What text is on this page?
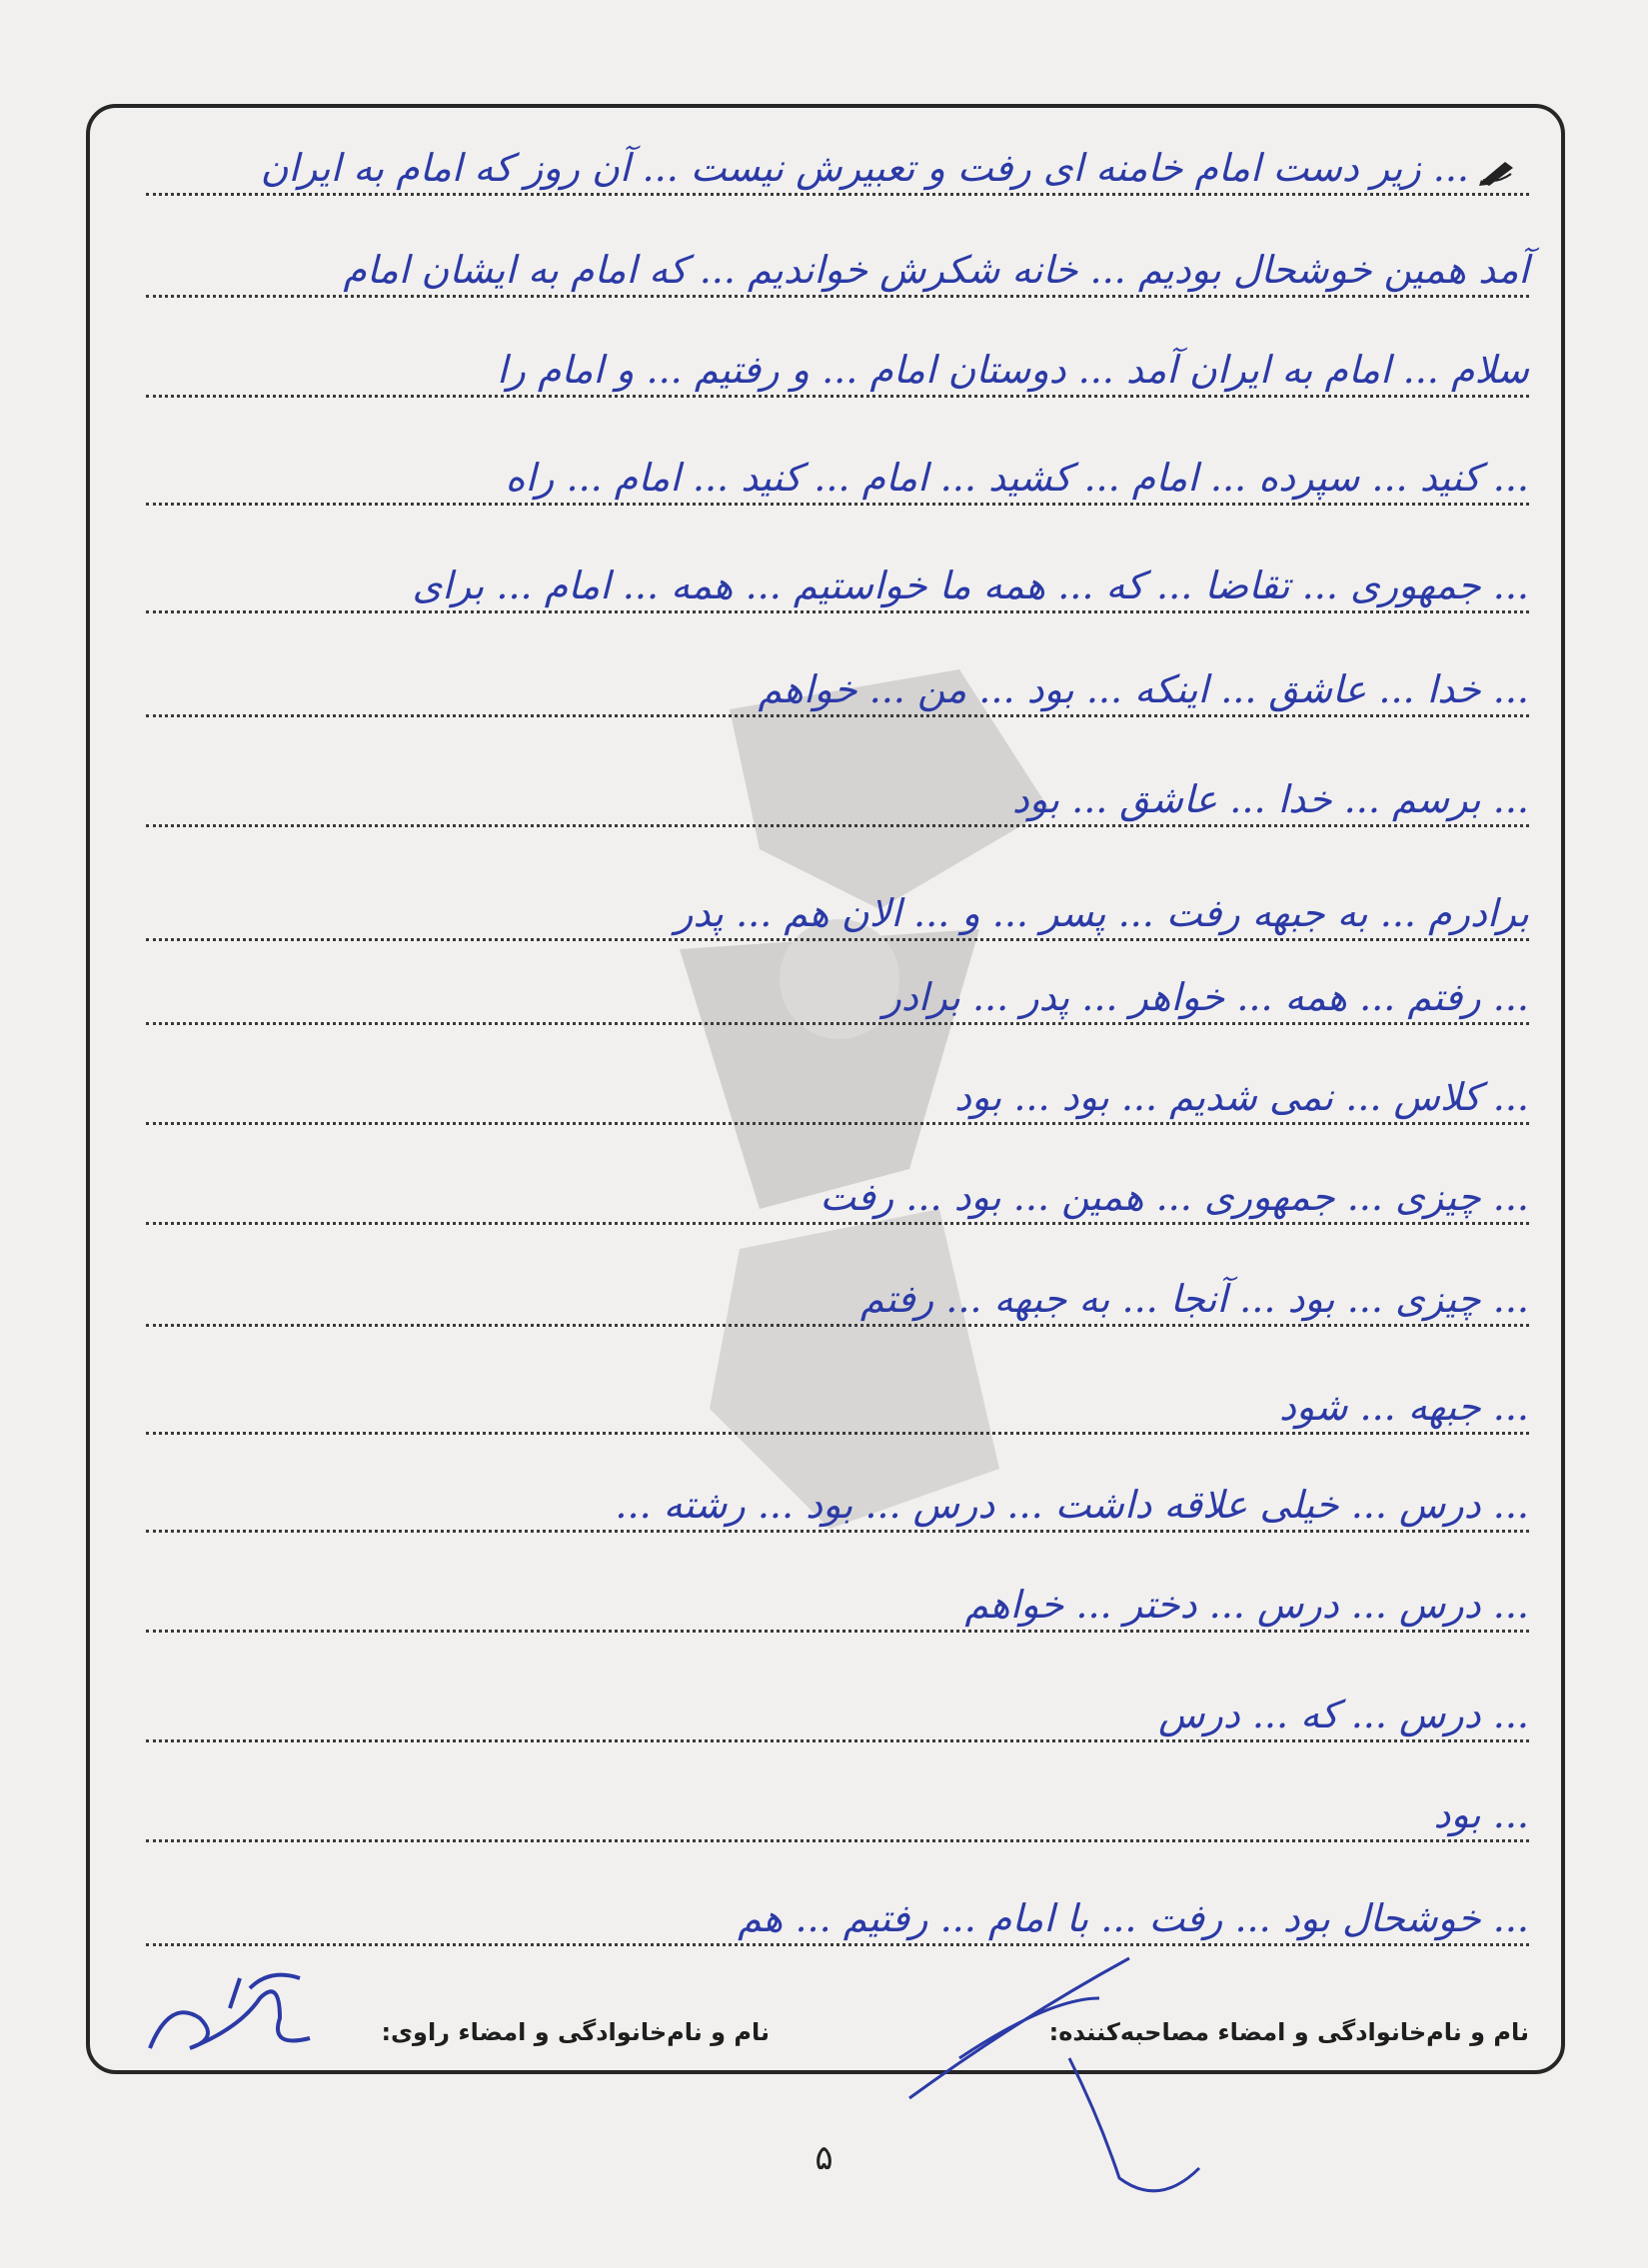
... زیر دست امام خامنه ای رفت و تعبیرش نیست ... آن روز که امام به ایران
آمد همین خوشحال بودیم ... خانه شکرش خواندیم ... که امام به ایشان امام
سلام ... امام به ایران آمد ... دوستان امام ... و رفتیم ... و امام را
... کنید ... سپرده ... امام ... کشید ... امام ... کنید ... امام ... راه
... جمهوری ... تقاضا ... که ... همه ما خواستیم ... همه ... امام ... برای
... خدا ... عاشق ... اینکه ... بود ... من ... خواهم
... برسم ... خدا ... عاشق ... بود
برادرم ... به جبهه رفت ... پسر ... و ... الان هم ... پدر
... رفتم ... همه ... خواهر ... پدر ... برادر
... کلاس ... نمی شدیم ... بود ... بود
... چیزی ... جمهوری ... همین ... بود ... رفت
... چیزی ... بود ... آنجا ... به جبهه ... رفتم
... جبهه ... شود
... درس ... خیلی علاقه داشت ... درس ... بود ... رشته ...
... درس ... درس ... دختر ... خواهم
... درس ... که ... درس
... بود
... خوشحال بود ... رفت ... با امام ... رفتیم ... هم
نام و نام‌خانوادگی و امضاء مصاحبه‌کننده:
نام و نام‌خانوادگی و امضاء راوی:
۵
